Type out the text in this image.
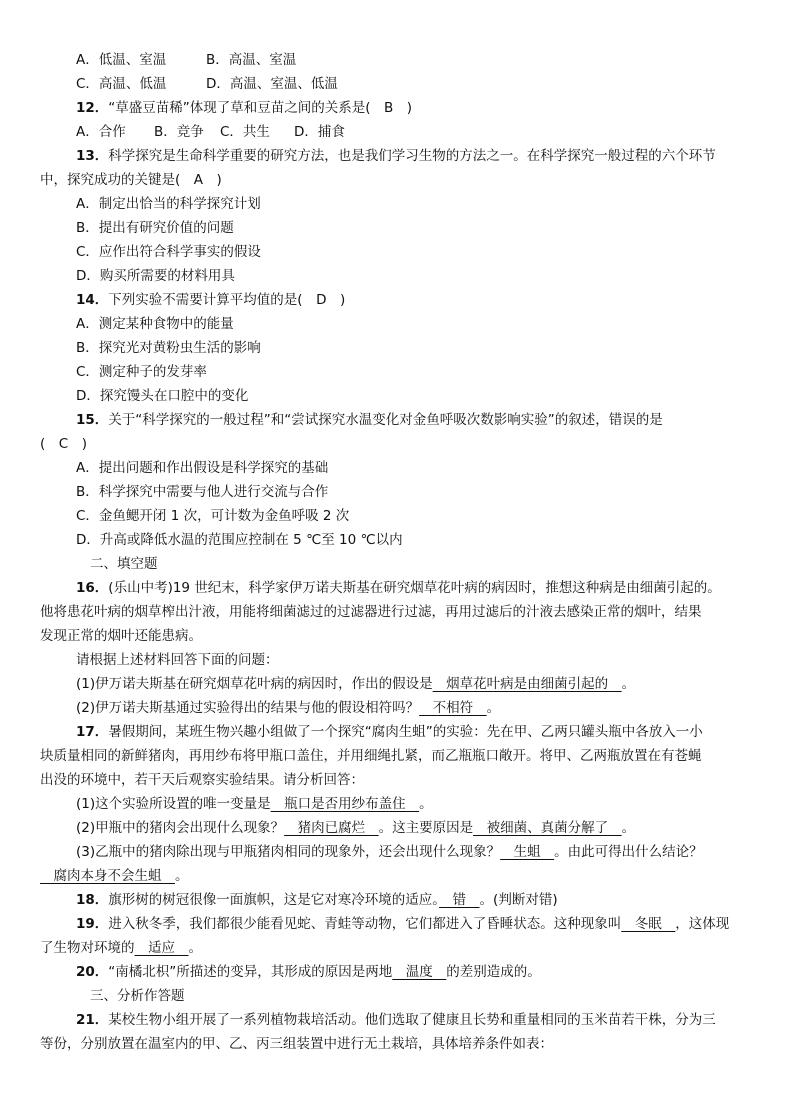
A．低温、室温	B．高温、室温
C．高温、低温	D．高温、室温、低温
12．“草盛豆苗稀”体现了草和豆苗之间的关系是(　B　)
A．合作 B．竞争 C．共生 D．捕食
13．科学探究是生命科学重要的研究方法，也是我们学习生物的方法之一。在科学探究一般过程的六个环节
中，探究成功的关键是(　A　)
A．制定出恰当的科学探究计划
B．提出有研究价值的问题
C．应作出符合科学事实的假设
D．购买所需要的材料用具
14．下列实验不需要计算平均值的是(　D　)
A．测定某种食物中的能量
B．探究光对黄粉虫生活的影响
C．测定种子的发芽率
D．探究馒头在口腔中的变化
15．关于“科学探究的一般过程”和“尝试探究水温变化对金鱼呼吸次数影响实验”的叙述，错误的是
(　C　)
A．提出问题和作出假设是科学探究的基础
B．科学探究中需要与他人进行交流与合作
C．金鱼鳃开闭 1 次，可计数为金鱼呼吸 2 次
D．升高或降低水温的范围应控制在 5 ℃至 10 ℃以内
二、填空题
16．(乐山中考)19 世纪末，科学家伊万诺夫斯基在研究烟草花叶病的病因时，推想这种病是由细菌引起的。
他将患花叶病的烟草榨出汁液，用能将细菌滤过的过滤器进行过滤，再用过滤后的汁液去感染正常的烟叶，结果
发现正常的烟叶还能患病。
请根据上述材料回答下面的问题：
(1)伊万诺夫斯基在研究烟草花叶病的病因时，作出的假设是　烟草花叶病是由细菌引起的　。
(2)伊万诺夫斯基通过实验得出的结果与他的假设相符吗？　不相符　。
17．暑假期间，某班生物兴趣小组做了一个探究“腐肉生蛆”的实验：先在甲、乙两只罐头瓶中各放入一小
块质量相同的新鲜猪肉，再用纱布将甲瓶口盖住，并用细绳扎紧，而乙瓶瓶口敞开。将甲、乙两瓶放置在有苍蝇
出没的环境中，若干天后观察实验结果。请分析回答：
(1)这个实验所设置的唯一变量是　瓶口是否用纱布盖住　。
(2)甲瓶中的猪肉会出现什么现象？　猪肉已腐烂　。这主要原因是　被细菌、真菌分解了　。
(3)乙瓶中的猪肉除出现与甲瓶猪肉相同的现象外，还会出现什么现象？　生蛆　。由此可得出什么结论？
　腐肉本身不会生蛆　。
18．旗形树的树冠很像一面旗帜，这是它对寒冷环境的适应。　错　。(判断对错)
19．进入秋冬季，我们都很少能看见蛇、青蛙等动物，它们都进入了昏睡状态。这种现象叫　冬眠　，这体现
了生物对环境的　适应　。
20．“南橘北枳”所描述的变异，其形成的原因是两地　温度　的差别造成的。
三、分析作答题
21．某校生物小组开展了一系列植物栽培活动。他们选取了健康且长势和重量相同的玉米苗若干株，分为三
等份，分别放置在温室内的甲、乙、丙三组装置中进行无土栽培，具体培养条件如表：
